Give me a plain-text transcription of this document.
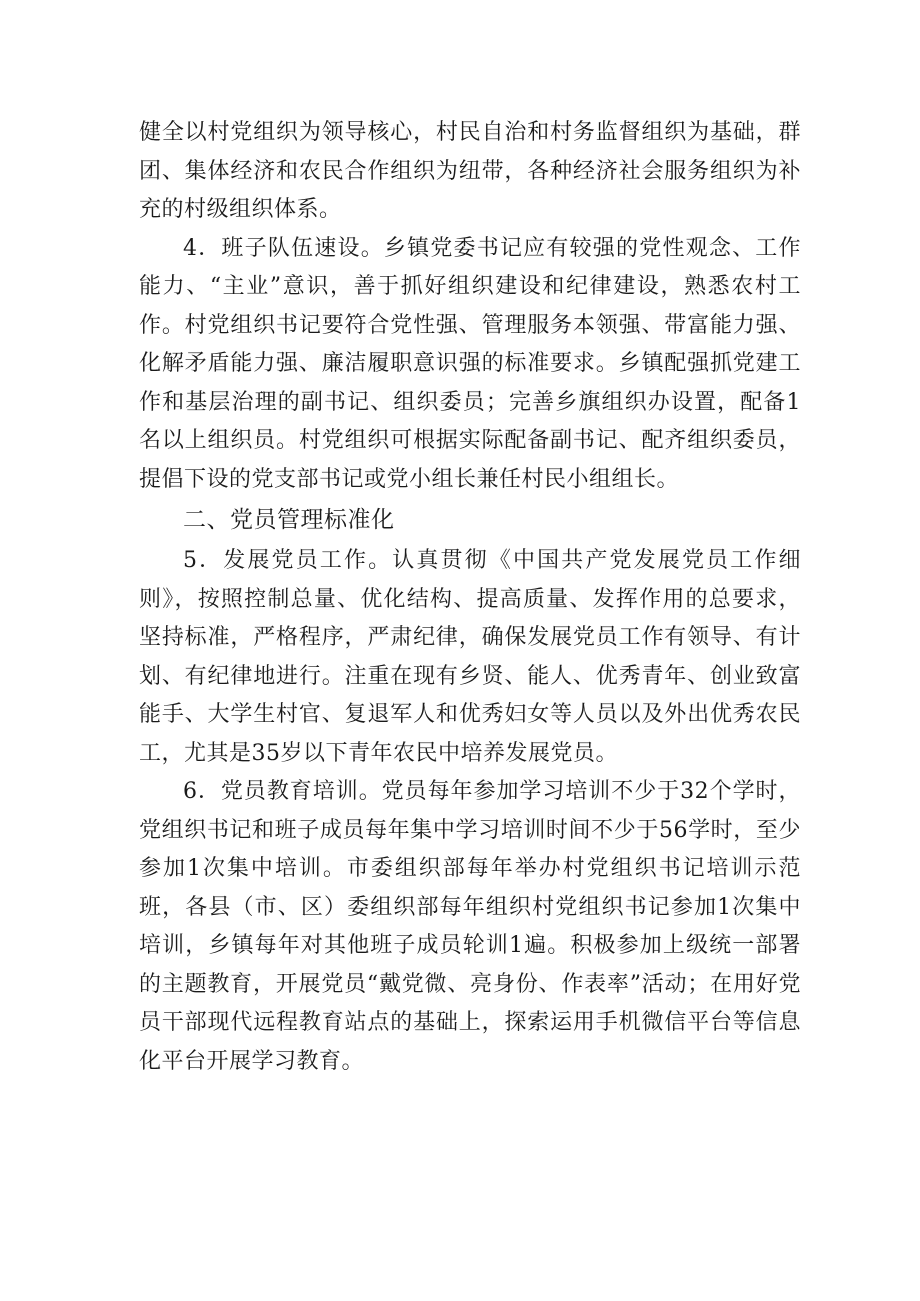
健全以村党组织为领导核心，村民自治和村务监督组织为基础，群团、集体经济和农民合作组织为纽带，各种经济社会服务组织为补充的村级组织体系。

4．班子队伍速设。乡镇党委书记应有较强的党性观念、工作能力、“主业”意识，善于抓好组织建设和纪律建设，熟悉农村工作。村党组织书记要符合党性强、管理服务本领强、带富能力强、化解矛盾能力强、廉洁履职意识强的标准要求。乡镇配强抓党建工作和基层治理的副书记、组织委员；完善乡旗组织办设置，配备1名以上组织员。村党组织可根据实际配备副书记、配齐组织委员，提倡下设的党支部书记或党小组长兼任村民小组组长。

二、党员管理标准化

5．发展党员工作。认真贯彻《中国共产党发展党员工作细则》，按照控制总量、优化结构、提高质量、发挥作用的总要求，坚持标准，严格程序，严肃纪律，确保发展党员工作有领导、有计划、有纪律地进行。注重在现有乡贤、能人、优秀青年、创业致富能手、大学生村官、复退军人和优秀妇女等人员以及外出优秀农民工，尤其是35岁以下青年农民中培养发展党员。

6．党员教育培训。党员每年参加学习培训不少于32个学时，党组织书记和班子成员每年集中学习培训时间不少于56学时，至少参加1次集中培训。市委组织部每年举办村党组织书记培训示范班，各县（市、区）委组织部每年组织村党组织书记参加1次集中培训，乡镇每年对其他班子成员轮训1遍。积极参加上级统一部署的主题教育，开展党员“戴党微、亮身份、作表率”活动；在用好党员干部现代远程教育站点的基础上，探索运用手机微信平台等信息化平台开展学习教育。
